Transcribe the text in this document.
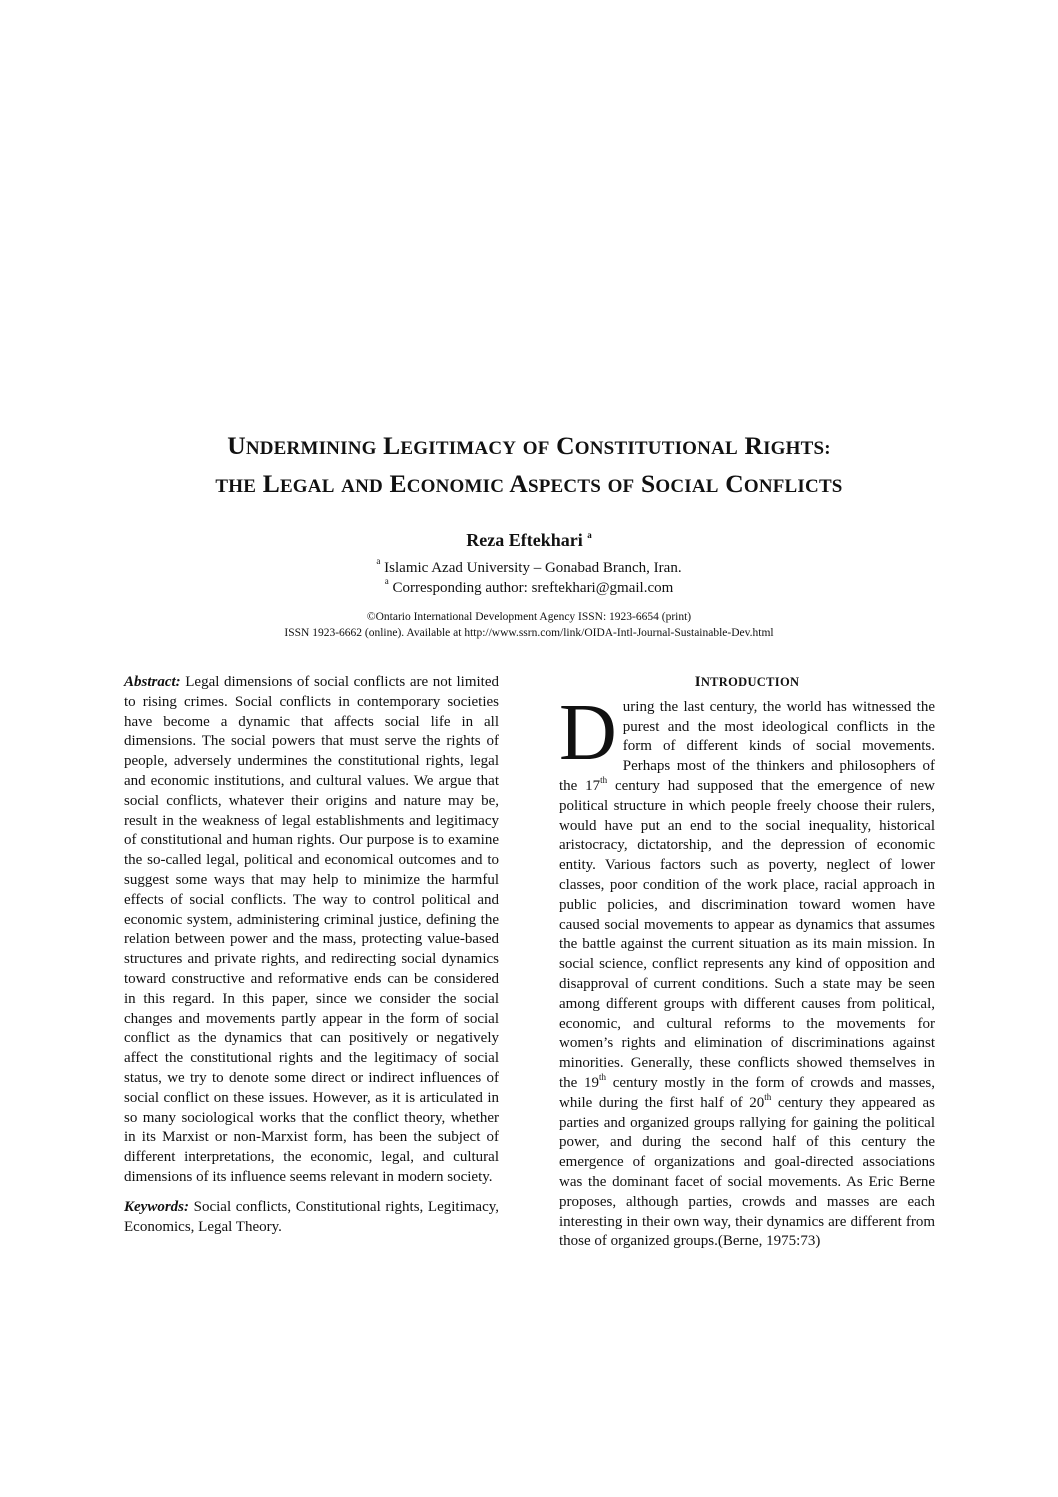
UNDERMINING LEGITIMACY OF CONSTITUTIONAL RIGHTS:
THE LEGAL AND ECONOMIC ASPECTS OF SOCIAL CONFLICTS
Reza Eftekhari $^a$
$^a$ Islamic Azad University – Gonabad Branch, Iran.
$^a$ Corresponding author: sreftekhari@gmail.com
©Ontario International Development Agency ISSN: 1923-6654 (print)
ISSN 1923-6662 (online). Available at http://www.ssrn.com/link/OIDA-Intl-Journal-Sustainable-Dev.html

Abstract: Legal dimensions of social conflicts are not limited to rising crimes. Social conflicts in contemporary societies have become a dynamic that affects social life in all dimensions. The social powers that must serve the rights of people, adversely undermines the constitutional rights, legal and economic institutions, and cultural values. We argue that social conflicts, whatever their origins and nature may be, result in the weakness of legal establishments and legitimacy of constitutional and human rights. Our purpose is to examine the so-called legal, political and economical outcomes and to suggest some ways that may help to minimize the harmful effects of social conflicts. The way to control political and economic system, administering criminal justice, defining the relation between power and the mass, protecting value-based structures and private rights, and redirecting social dynamics toward constructive and reformative ends can be considered in this regard. In this paper, since we consider the social changes and movements partly appear in the form of social conflict as the dynamics that can positively or negatively affect the constitutional rights and the legitimacy of social status, we try to denote some direct or indirect influences of social conflict on these issues. However, as it is articulated in so many sociological works that the conflict theory, whether in its Marxist or non-Marxist form, has been the subject of different interpretations, the economic, legal, and cultural dimensions of its influence seems relevant in modern society.

Keywords: Social conflicts, Constitutional rights, Legitimacy, Economics, Legal Theory.

INTRODUCTION

During the last century, the world has witnessed the purest and the most ideological conflicts in the form of different kinds of social movements. Perhaps most of the thinkers and philosophers of the 17th century had supposed that the emergence of new political structure in which people freely choose their rulers, would have put an end to the social inequality, historical aristocracy, dictatorship, and the depression of economic entity. Various factors such as poverty, neglect of lower classes, poor condition of the work place, racial approach in public policies, and discrimination toward women have caused social movements to appear as dynamics that assumes the battle against the current situation as its main mission. In social science, conflict represents any kind of opposition and disapproval of current conditions. Such a state may be seen among different groups with different causes from political, economic, and cultural reforms to the movements for women’s rights and elimination of discriminations against minorities. Generally, these conflicts showed themselves in the 19th century mostly in the form of crowds and masses, while during the first half of 20th century they appeared as parties and organized groups rallying for gaining the political power, and during the second half of this century the emergence of organizations and goal-directed associations was the dominant facet of social movements. As Eric Berne proposes, although parties, crowds and masses are each interesting in their own way, their dynamics are different from those of organized groups.(Berne, 1975:73)
